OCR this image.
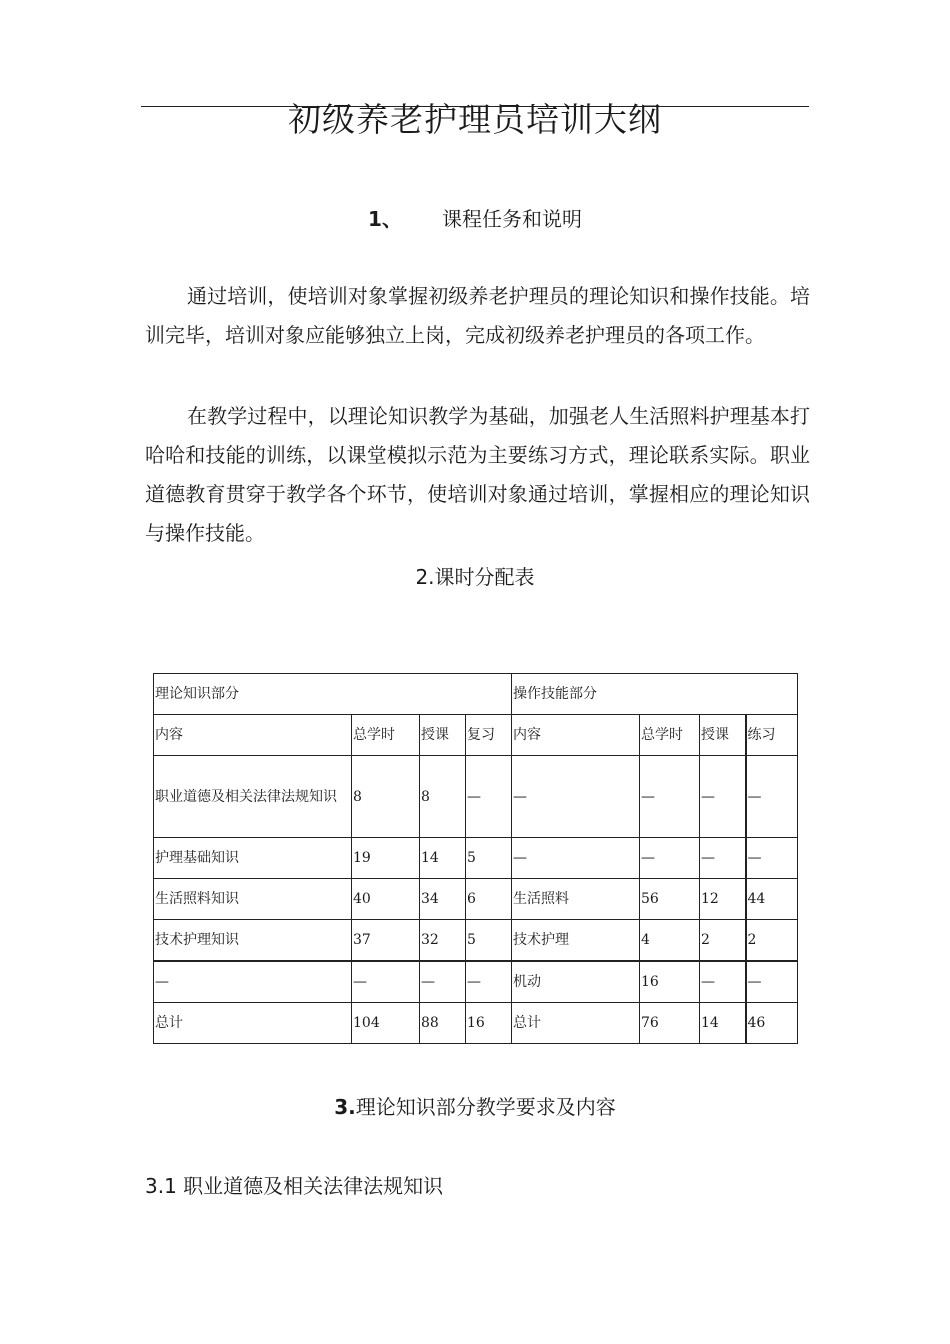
初级养老护理员培训大纲
1、 课程任务和说明

通过培训，使培训对象掌握初级养老护理员的理论知识和操作技能。培训完毕，培训对象应能够独立上岗，完成初级养老护理员的各项工作。

在教学过程中，以理论知识教学为基础，加强老人生活照料护理基本打哈哈和技能的训练，以课堂模拟示范为主要练习方式，理论联系实际。职业道德教育贯穿于教学各个环节，使培训对象通过培训，掌握相应的理论知识与操作技能。

2.课时分配表
理论知识部分				操作技能部分			
内容	总学时	授课	复习	内容	总学时	授课	练习
职业道德及相关法律法规知识	8	8	—	—	—	—	—
护理基础知识	19	14	5	—	—	—	—
生活照料知识	40	34	6	生活照料	56	12	44
技术护理知识	37	32	5	技术护理	4	2	2
—	—	—	—	机动	16	—	—
总计	104	88	16	总计	76	14	46
3.理论知识部分教学要求及内容
3.1 职业道德及相关法律法规知识
